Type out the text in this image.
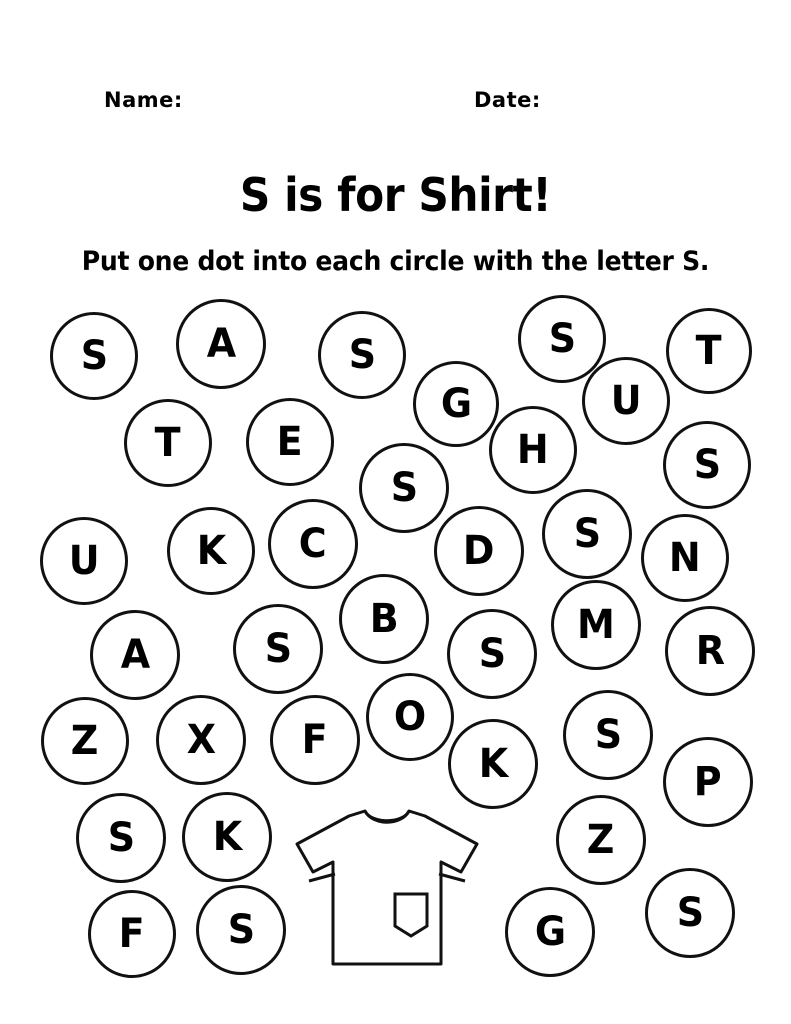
Name:	Date:
S is for Shirt!
Put one dot into each circle with the letter S.
S A	S	S	T
G	U
T E	H	S
S
U K C	D S
N
B	M
A	S	S	R
O
Z X F	S
K	P
S K	Z
F S	G	S
